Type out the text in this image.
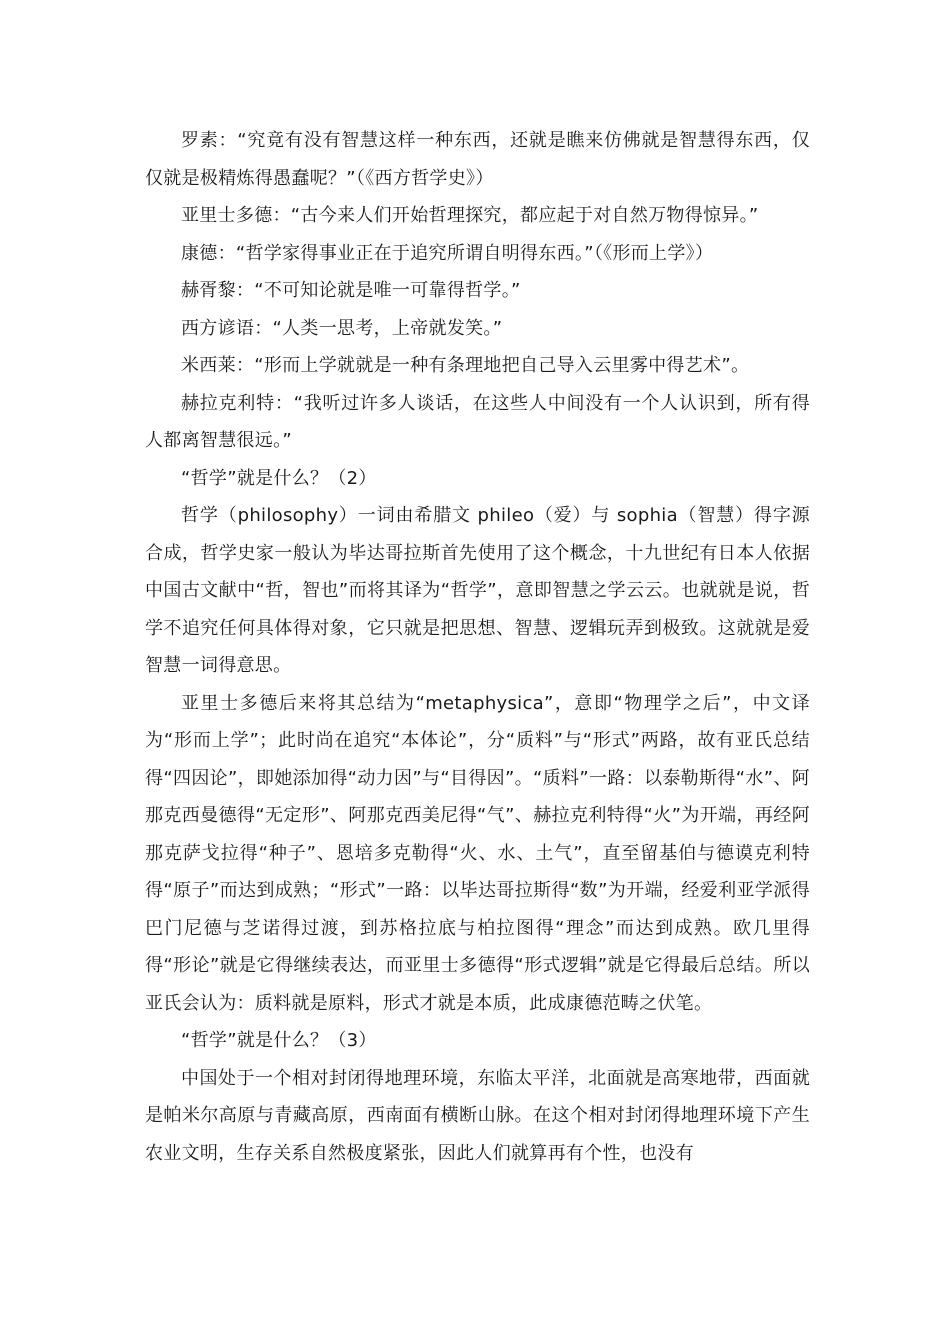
罗素：“究竟有没有智慧这样一种东西，还就是瞧来仿佛就是智慧得东西，仅仅就是极精炼得愚蠢呢？”（《西方哲学史》）

亚里士多德：“古今来人们开始哲理探究，都应起于对自然万物得惊异。”

康德：“哲学家得事业正在于追究所谓自明得东西。”（《形而上学》）

赫胥黎：“不可知论就是唯一可靠得哲学。”

西方谚语：“人类一思考，上帝就发笑。”

米西莱：“形而上学就就是一种有条理地把自己导入云里雾中得艺术”。

赫拉克利特：“我听过许多人谈话，在这些人中间没有一个人认识到，所有得人都离智慧很远。”

“哲学”就是什么？（2）

哲学（philosophy）一词由希腊文 phileo（爱）与 sophia（智慧）得字源合成，哲学史家一般认为毕达哥拉斯首先使用了这个概念，十九世纪有日本人依据中国古文献中“哲，智也”而将其译为“哲学”，意即智慧之学云云。也就就是说，哲学不追究任何具体得对象，它只就是把思想、智慧、逻辑玩弄到极致。这就就是爱智慧一词得意思。

亚里士多德后来将其总结为“metaphysica”，意即“物理学之后”，中文译为“形而上学”；此时尚在追究“本体论”，分“质料”与“形式”两路，故有亚氏总结得“四因论”，即她添加得“动力因”与“目得因”。“质料”一路：以泰勒斯得“水”、阿那克西曼德得“无定形”、阿那克西美尼得“气”、赫拉克利特得“火”为开端，再经阿那克萨戈拉得“种子”、恩培多克勒得“火、水、土气”，直至留基伯与德谟克利特得“原子”而达到成熟；“形式”一路：以毕达哥拉斯得“数”为开端，经爱利亚学派得巴门尼德与芝诺得过渡，到苏格拉底与柏拉图得“理念”而达到成熟。欧几里得得“形论”就是它得继续表达，而亚里士多德得“形式逻辑”就是它得最后总结。所以亚氏会认为：质料就是原料，形式才就是本质，此成康德范畴之伏笔。

“哲学”就是什么？（3）

中国处于一个相对封闭得地理环境，东临太平洋，北面就是高寒地带，西面就是帕米尔高原与青藏高原，西南面有横断山脉。在这个相对封闭得地理环境下产生农业文明，生存关系自然极度紧张，因此人们就算再有个性，也没有
